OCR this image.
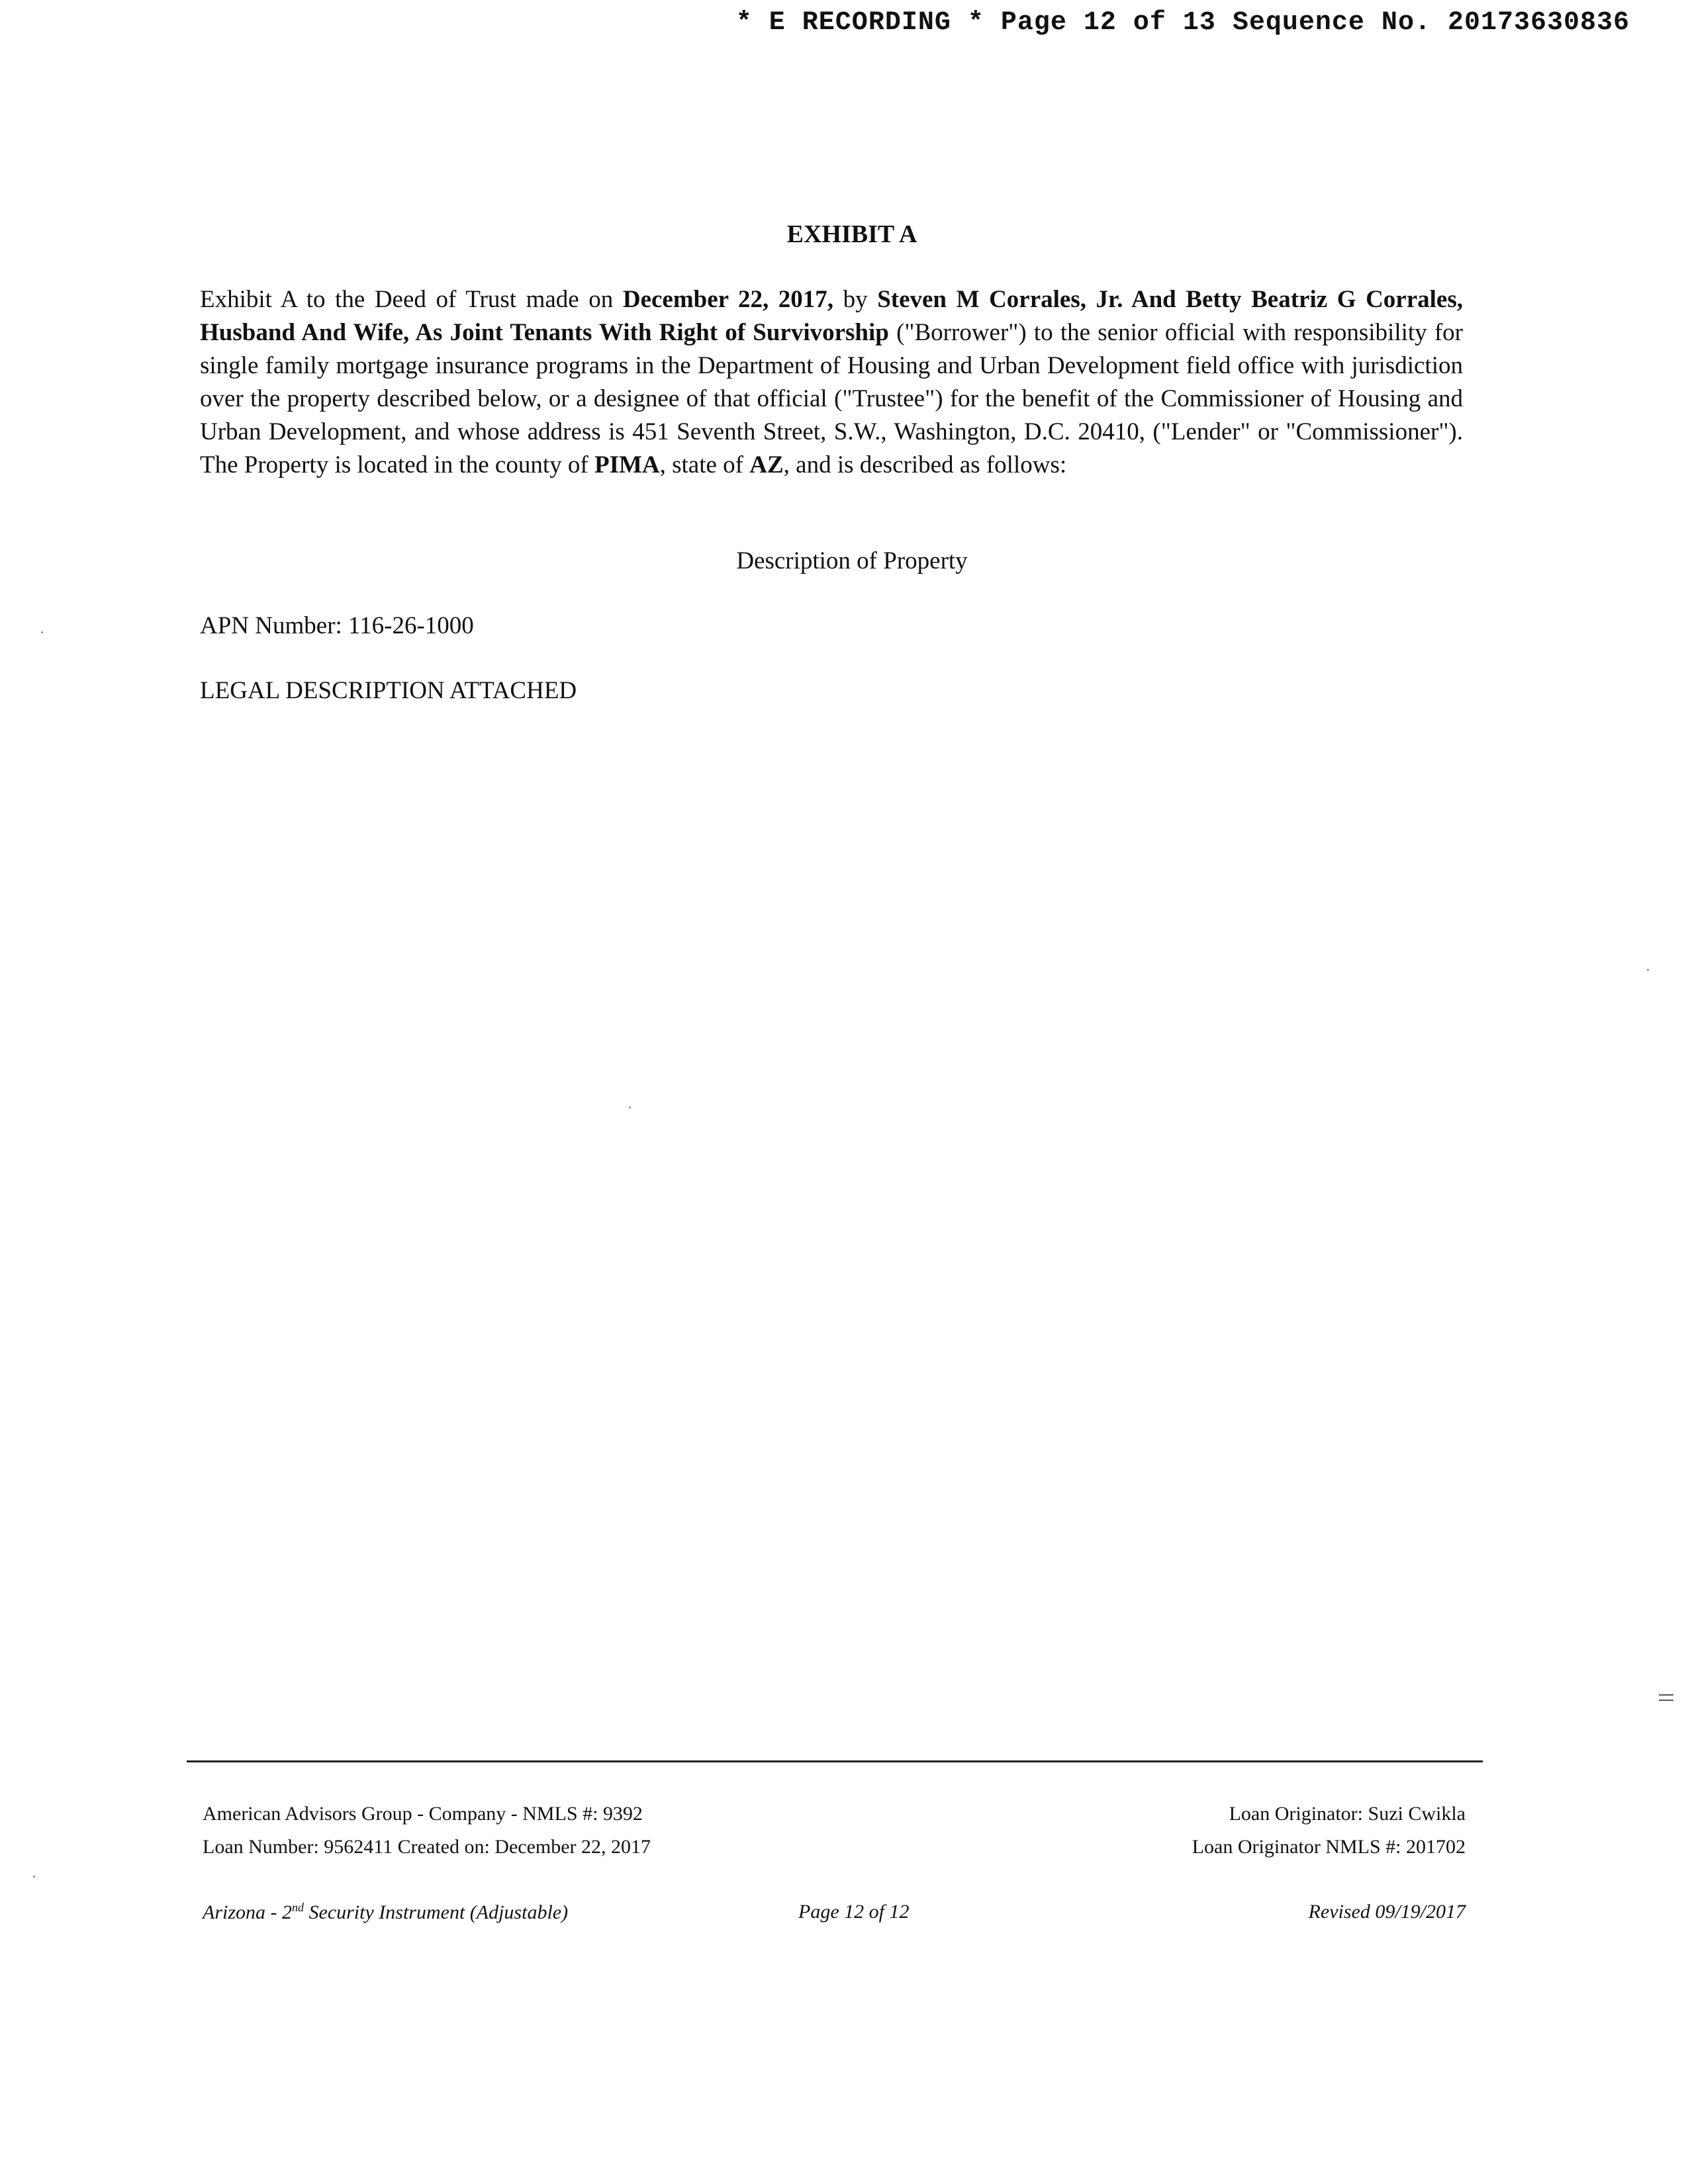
* E RECORDING * Page 12 of 13 Sequence No. 20173630836
EXHIBIT A
Exhibit A to the Deed of Trust made on December 22, 2017, by Steven M Corrales, Jr. And Betty Beatriz G Corrales, Husband And Wife, As Joint Tenants With Right of Survivorship ("Borrower") to the senior official with responsibility for single family mortgage insurance programs in the Department of Housing and Urban Development field office with jurisdiction over the property described below, or a designee of that official ("Trustee") for the benefit of the Commissioner of Housing and Urban Development, and whose address is 451 Seventh Street, S.W., Washington, D.C. 20410, ("Lender" or "Commissioner"). The Property is located in the county of PIMA, state of AZ, and is described as follows:
Description of Property
APN Number: 116-26-1000
LEGAL DESCRIPTION ATTACHED
American Advisors Group - Company - NMLS #: 9392	Loan Originator: Suzi Cwikla
Loan Number: 9562411 Created on: December 22, 2017	Loan Originator NMLS #: 201702
Arizona - 2nd Security Instrument (Adjustable)	Page 12 of 12	Revised 09/19/2017
